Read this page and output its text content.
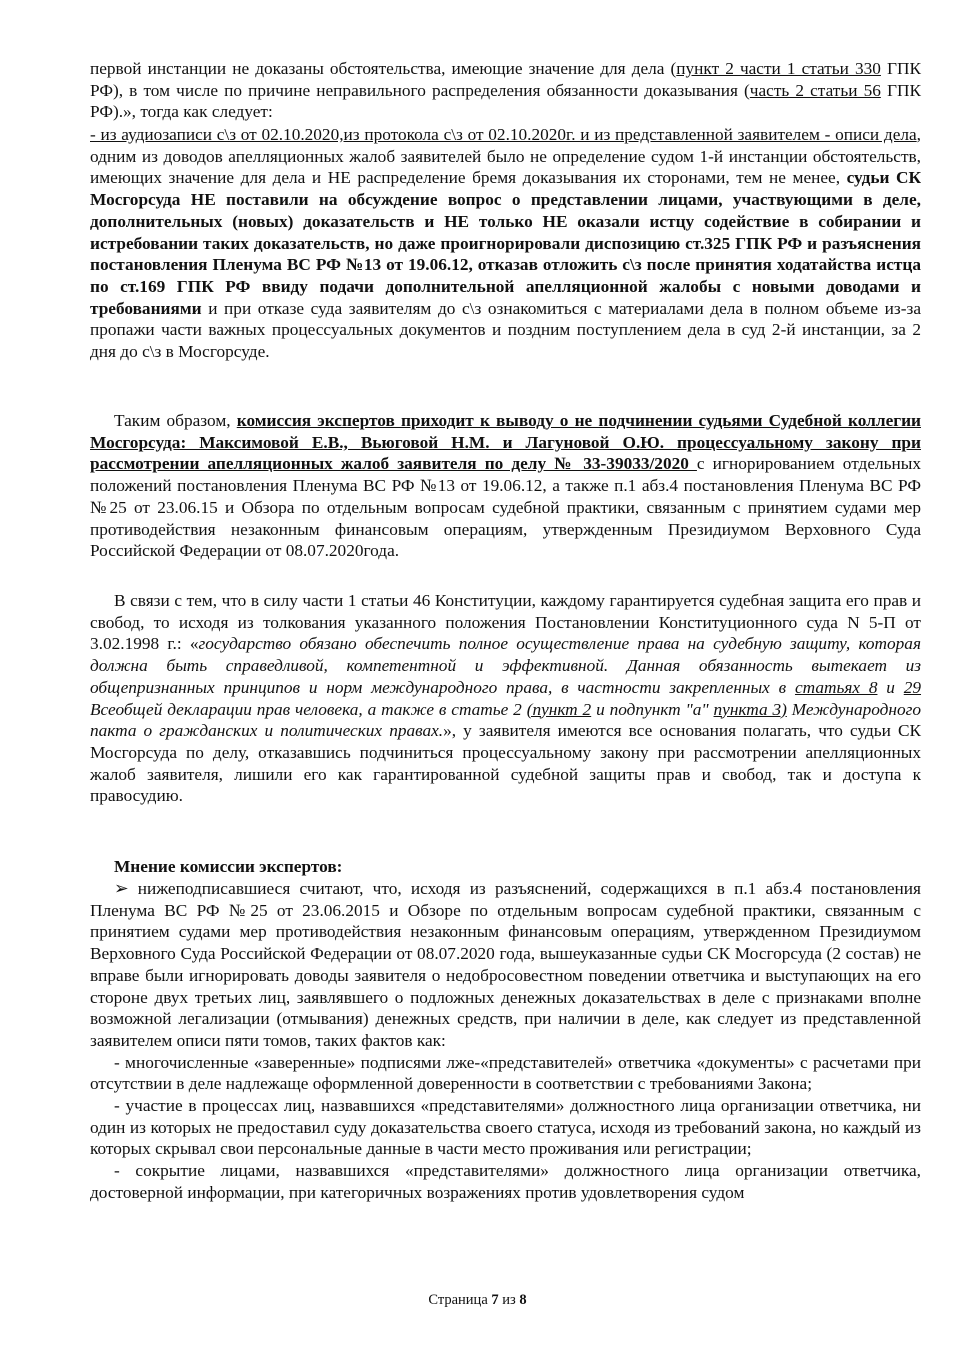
первой инстанции не доказаны обстоятельства, имеющие значение для дела (пункт 2 части 1 статьи 330 ГПК РФ), в том числе по причине неправильного распределения обязанности доказывания (часть 2 статьи 56 ГПК РФ).», тогда как следует:
- из аудиозаписи с\з от 02.10.2020,из протокола с\з от 02.10.2020г. и из представленной заявителем - описи дела, одним из доводов апелляционных жалоб заявителей было не определение судом 1-й инстанции обстоятельств, имеющих значение для дела и НЕ распределение бремя доказывания их сторонами, тем не менее, судьи СК Мосгорсуда НЕ поставили на обсуждение вопрос о представлении лицами, участвующими в деле, дополнительных (новых) доказательств и НЕ только НЕ оказали истцу содействие в собирании и истребовании таких доказательств, но даже проигнорировали диспозицию ст.325 ГПК РФ и разъяснения постановления Пленума ВС РФ №13 от 19.06.12, отказав отложить с\з после принятия ходатайства истца по ст.169 ГПК РФ ввиду подачи дополнительной апелляционной жалобы с новыми доводами и требованиями и при отказе суда заявителям до с\з ознакомиться с материалами дела в полном объеме из-за пропажи части важных процессуальных документов и поздним поступлением дела в суд 2-й инстанции, за 2 дня до с\з в Мосгорсуде.
Таким образом, комиссия экспертов приходит к выводу о не подчинении судьями Судебной коллегии Мосгорсуда: Максимовой Е.В., Вьюговой Н.М. и Лагуновой О.Ю. процессуальному закону при рассмотрении апелляционных жалоб заявителя по делу № 33-39033/2020 с игнорированием отдельных положений постановления Пленума ВС РФ №13 от 19.06.12, а также п.1 абз.4 постановления Пленума ВС РФ №25 от 23.06.15 и Обзора по отдельным вопросам судебной практики, связанным с принятием судами мер противодействия незаконным финансовым операциям, утвержденным Президиумом Верховного Суда Российской Федерации от 08.07.2020года.
В связи с тем, что в силу части 1 статьи 46 Конституции, каждому гарантируется судебная защита его прав и свобод, то исходя из толкования указанного положения Постановлении Конституционного суда N 5-П от 3.02.1998 г.: «государство обязано обеспечить полное осуществление права на судебную защиту, которая должна быть справедливой, компетентной и эффективной. Данная обязанность вытекает из общепризнанных принципов и норм международного права, в частности закрепленных в статьях 8 и 29 Всеобщей декларации прав человека, а также в статье 2 (пункт 2 и подпункт "а" пункта 3) Международного пакта о гражданских и политических правах.», у заявителя имеются все основания полагать, что судьи СК Мосгорсуда по делу, отказавшись подчиниться процессуальному закону при рассмотрении апелляционных жалоб заявителя, лишили его как гарантированной судебной защиты прав и свобод, так и доступа к правосудию.
Мнение комиссии экспертов:

➢ нижеподписавшиеся считают, что, исходя из разъяснений, содержащихся в п.1 абз.4 постановления Пленума ВС РФ №25 от 23.06.2015 и Обзоре по отдельным вопросам судебной практики, связанным с принятием судами мер противодействия незаконным финансовым операциям, утвержденном Президиумом Верховного Суда Российской Федерации от 08.07.2020 года, вышеуказанные судьи СК Мосгорсуда (2 состав) не вправе были игнорировать доводы заявителя о недобросовестном поведении ответчика и выступающих на его стороне двух третьих лиц, заявлявшего о подложных денежных доказательствах в деле с признаками вполне возможной легализации (отмывания) денежных средств, при наличии в деле, как следует из представленной заявителем описи пяти томов, таких фактов как:

- многочисленные «заверенные» подписями лже-«представителей» ответчика «документы» с расчетами при отсутствии в деле надлежаще оформленной доверенности в соответствии с требованиями Закона;

- участие в процессах лиц, назвавшихся «представителями» должностного лица организации ответчика, ни один из которых не предоставил суду доказательства своего статуса, исходя из требований закона, но каждый из которых скрывал свои персональные данные в части место проживания или регистрации;

- сокрытие лицами, назвавшихся «представителями» должностного лица организации ответчика, достоверной информации, при категоричных возражениях против удовлетворения судом

Страница 7 из 8
